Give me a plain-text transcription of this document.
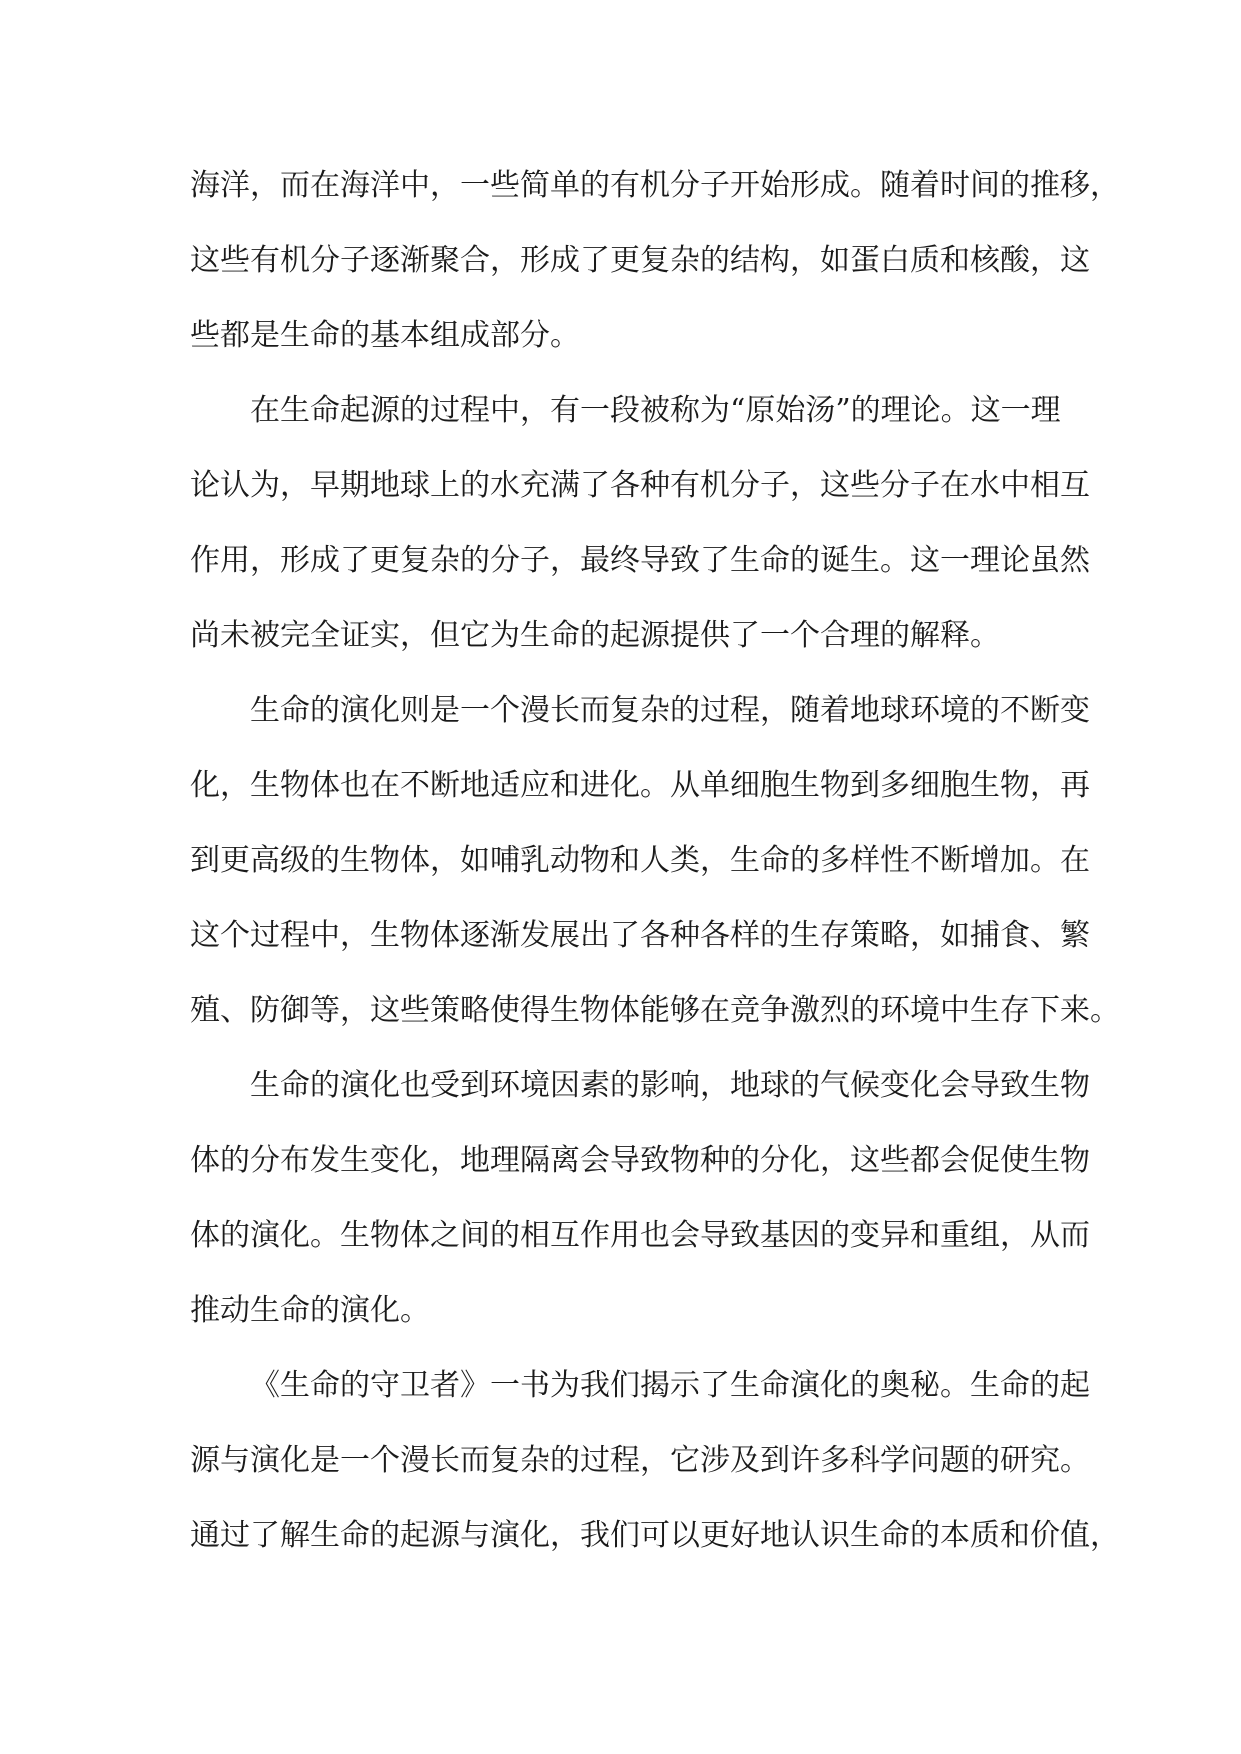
海洋，而在海洋中，一些简单的有机分子开始形成。随着时间的推移，
这些有机分子逐渐聚合，形成了更复杂的结构，如蛋白质和核酸，这
些都是生命的基本组成部分。
在生命起源的过程中，有一段被称为“原始汤”的理论。这一理
论认为，早期地球上的水充满了各种有机分子，这些分子在水中相互
作用，形成了更复杂的分子，最终导致了生命的诞生。这一理论虽然
尚未被完全证实，但它为生命的起源提供了一个合理的解释。
生命的演化则是一个漫长而复杂的过程，随着地球环境的不断变
化，生物体也在不断地适应和进化。从单细胞生物到多细胞生物，再
到更高级的生物体，如哺乳动物和人类，生命的多样性不断增加。在
这个过程中，生物体逐渐发展出了各种各样的生存策略，如捕食、繁
殖、防御等，这些策略使得生物体能够在竞争激烈的环境中生存下来。
生命的演化也受到环境因素的影响，地球的气候变化会导致生物
体的分布发生变化，地理隔离会导致物种的分化，这些都会促使生物
体的演化。生物体之间的相互作用也会导致基因的变异和重组，从而
推动生命的演化。
《生命的守卫者》一书为我们揭示了生命演化的奥秘。生命的起
源与演化是一个漫长而复杂的过程，它涉及到许多科学问题的研究。
通过了解生命的起源与演化，我们可以更好地认识生命的本质和价值，
